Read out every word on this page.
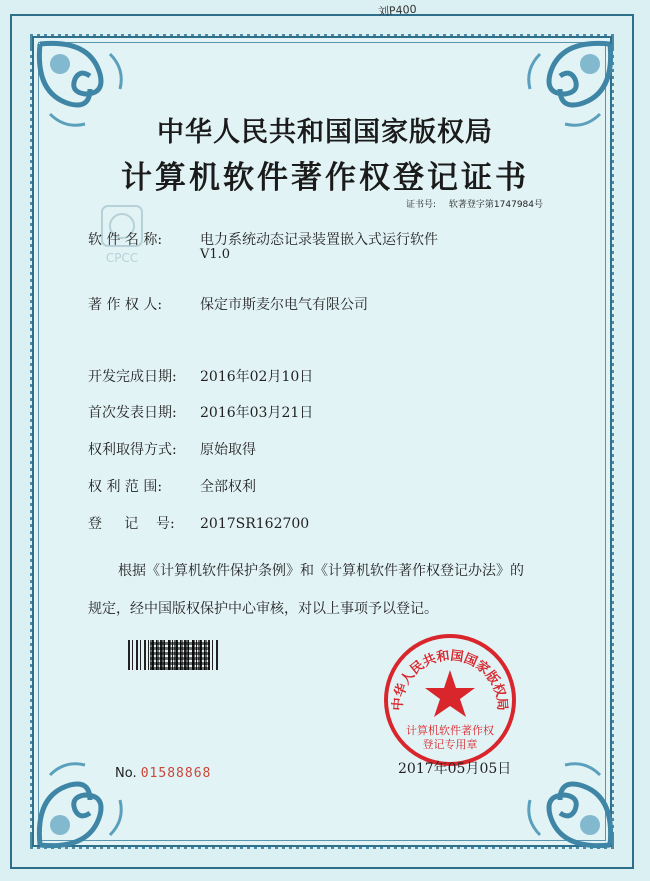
刘P400
中华人民共和国国家版权局
计算机软件著作权登记证书
证书号: 软著登字第1747984号
CPCC
软 件 名 称:	电力系统动态记录装置嵌入式运行软件
V1.0
著 作 权 人:	保定市斯麦尔电气有限公司
开发完成日期: 2016年02月10日
首次发表日期: 2016年03月21日
权利取得方式: 原始取得
权 利 范 围:	全部权利
登     记    号: 2017SR162700
根据《计算机软件保护条例》和《计算机软件著作权登记办法》的
规定，经中国版权保护中心审核，对以上事项予以登记。
No. 01588868
中华人民共和国国家版权局
计算机软件著作权
登记专用章
2017年05月05日
